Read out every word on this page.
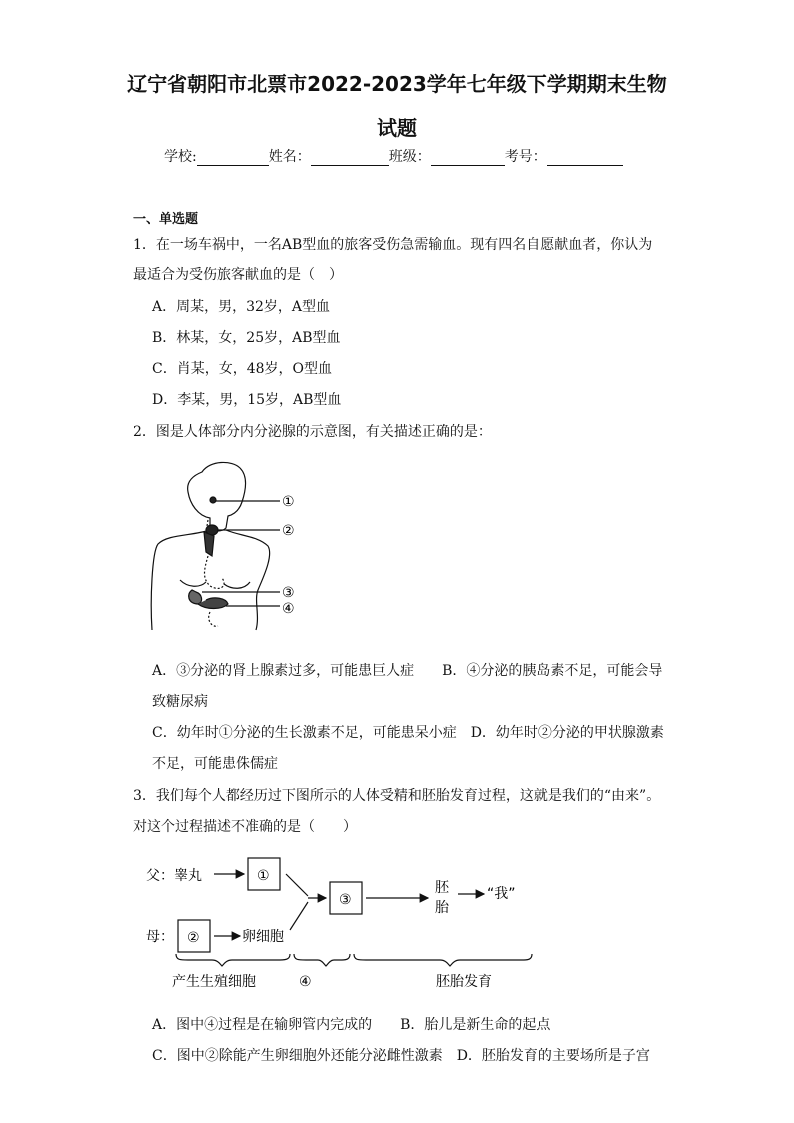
辽宁省朝阳市北票市2022-2023学年七年级下学期期末生物
试题
学校:	姓名：	班级：	考号：
一、单选题
1．在一场车祸中，一名AB型血的旅客受伤急需输血。现有四名自愿献血者，你认为
最适合为受伤旅客献血的是（　）
A．周某，男，32岁，A型血
B．林某，女，25岁，AB型血
C．肖某，女，48岁，O型血
D．李某，男，15岁，AB型血
2．图是人体部分内分泌腺的示意图，有关描述正确的是：
①
②
③
④
A．③分泌的肾上腺素过多，可能患巨人症　　B．④分泌的胰岛素不足，可能会导
致糖尿病
C．幼年时①分泌的生长激素不足，可能患呆小症　D．幼年时②分泌的甲状腺激素
不足，可能患侏儒症
3．我们每个人都经历过下图所示的人体受精和胚胎发育过程，这就是我们的“由来”。
对这个过程描述不准确的是（　　）
父：睾丸	①
母： ②	卵细胞
③
胚
胎
“我”
产生生殖细胞	④	胚胎发育
A．图中④过程是在输卵管内完成的　　B．胎儿是新生命的起点
C．图中②除能产生卵细胞外还能分泌雌性激素　D．胚胎发育的主要场所是子宫
